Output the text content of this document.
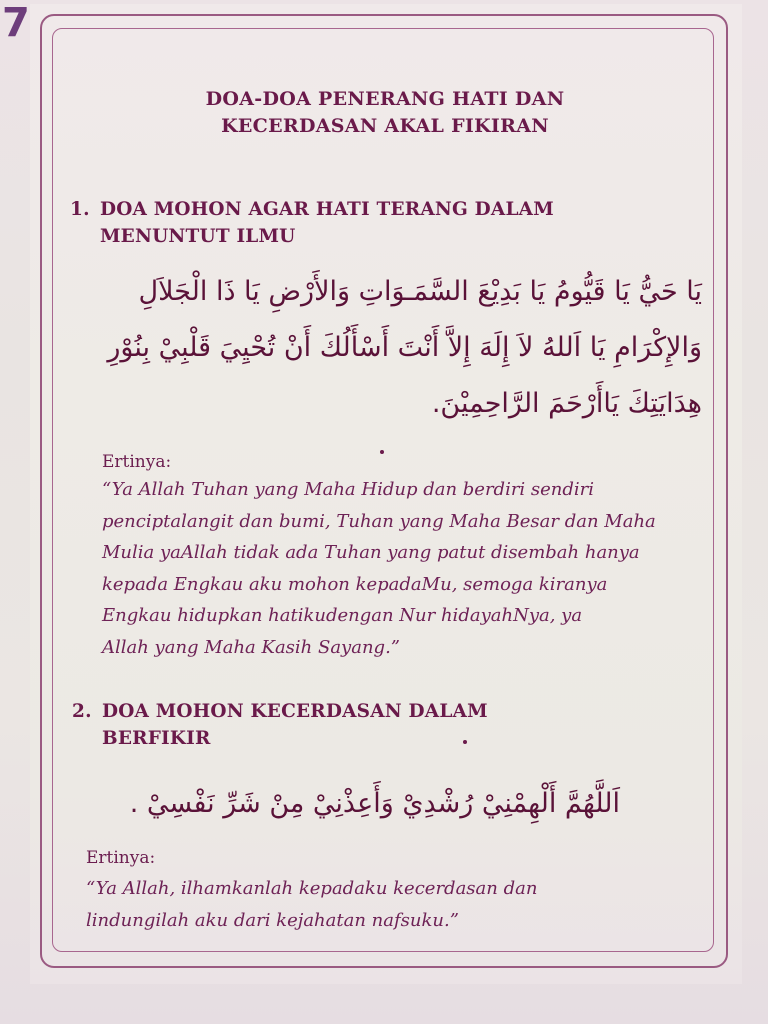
7
DOA-DOA PENERANG HATI DAN
KECERDASAN AKAL FIKIRAN
1. DOA MOHON AGAR HATI TERANG DALAM
MENUNTUT ILMU
يَا حَيُّ يَا قَيُّومُ يَا بَدِيْعَ السَّمَـوَاتِ وَالأَرْضِ يَا ذَا الْجَلاَلِ
وَالإِكْرَامِ يَا اَللهُ لاَ إِلَهَ إِلاَّ أَنْتَ أَسْأَلُكَ أَنْ تُحْيِيَ قَلْبِيْ بِنُوْرِ
هِدَايَتِكَ يَاأَرْحَمَ الرَّاحِمِيْنَ.
Ertinya:
“Ya Allah Tuhan yang Maha Hidup dan berdiri sendiri
penciptalangit dan bumi, Tuhan yang Maha Besar dan Maha
Mulia yaAllah tidak ada Tuhan yang patut disembah hanya
kepada Engkau aku mohon kepadaMu, semoga kiranya
Engkau hidupkan hatikudengan Nur hidayahNya, ya
Allah yang Maha Kasih Sayang.”
2. DOA MOHON KECERDASAN DALAM
BERFIKIR
اَللَّهُمَّ أَلْهِمْنِيْ رُشْدِيْ وَأَعِذْنِيْ مِنْ شَرِّ نَفْسِيْ .
Ertinya:
“Ya Allah, ilhamkanlah kepadaku kecerdasan dan
lindungilah aku dari kejahatan nafsuku.”
